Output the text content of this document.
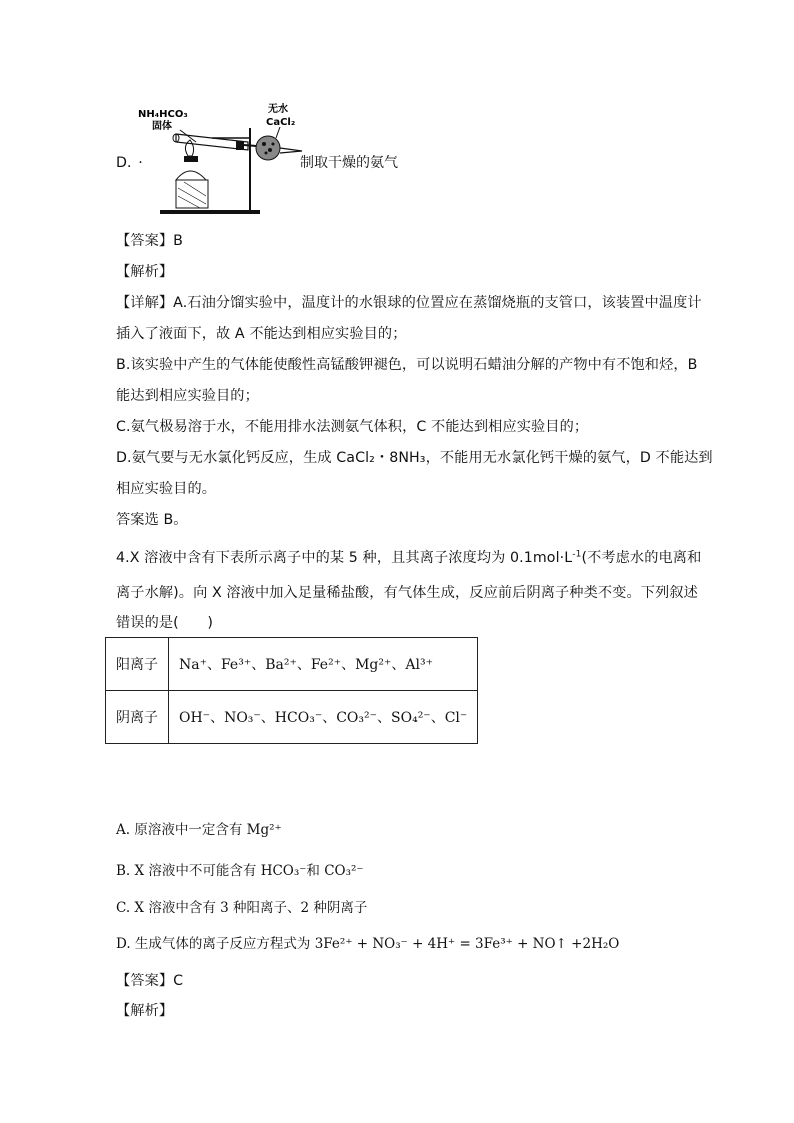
D． ·
NH₄HCO₃
固体
无水
CaCl₂
制取干燥的氨气
【答案】B
【解析】
【详解】A.石油分馏实验中，温度计的水银球的位置应在蒸馏烧瓶的支管口，该装置中温度计
插入了液面下，故 A 不能达到相应实验目的；
B.该实验中产生的气体能使酸性高锰酸钾褪色，可以说明石蜡油分解的产物中有不饱和烃，B
能达到相应实验目的；
C.氨气极易溶于水，不能用排水法测氨气体积，C 不能达到相应实验目的；
D.氨气要与无水氯化钙反应，生成 CaCl₂・8NH₃，不能用无水氯化钙干燥的氨气，D 不能达到
相应实验目的。
答案选 B。
4.X 溶液中含有下表所示离子中的某 5 种，且其离子浓度均为 $0.1mol\cdot L^{-1}$(不考虑水的电离和
离子水解)。向 X 溶液中加入足量稀盐酸，有气体生成，反应前后阴离子种类不变。下列叙述
错误的是(　　)
阳离子	Na⁺、Fe³⁺、Ba²⁺、Fe²⁺、Mg²⁺、Al³⁺
阴离子	OH⁻、NO₃⁻、HCO₃⁻、CO₃²⁻、SO₄²⁻、Cl⁻
A. 原溶液中一定含有 Mg²⁺
B. X 溶液中不可能含有 HCO₃⁻和 CO₃²⁻
C. X 溶液中含有 3 种阳离子、2 种阴离子
D. 生成气体的离子反应方程式为 3Fe²⁺ + NO₃⁻ + 4H⁺ = 3Fe³⁺ + NO↑ +2H₂O
【答案】C
【解析】
